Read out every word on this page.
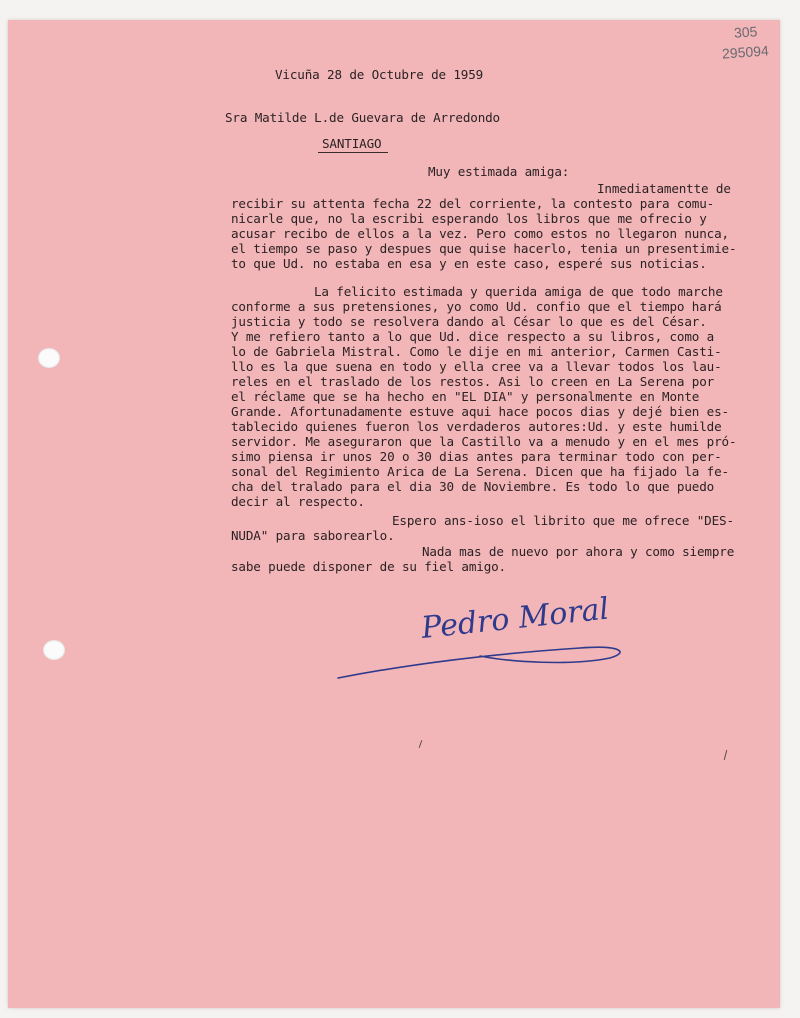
305
295094
Vicuña 28 de Octubre de 1959
Sra Matilde L.de Guevara de Arredondo
SANTIAGO
Muy estimada amiga:
Inmediatamentte de
recibir su attenta fecha 22 del corriente, la contesto para comu-
nicarle que, no la escribi esperando los libros que me ofrecio y
acusar recibo de ellos a la vez. Pero como estos no llegaron nunca,
el tiempo se paso y despues que quise hacerlo, tenia un presentimie-
to que Ud. no estaba en esa y en este caso, esperé sus noticias.
La felicito estimada y querida amiga de que todo marche
conforme a sus pretensiones, yo como Ud. confio que el tiempo hará
justicia y todo se resolvera dando al César lo que es del César.
Y me refiero tanto a lo que Ud. dice respecto a su libros, como a
lo de Gabriela Mistral. Como le dije en mi anterior, Carmen Casti-
llo es la que suena en todo y ella cree va a llevar todos los lau-
reles en el traslado de los restos. Asi lo creen en La Serena por
el réclame que se ha hecho en "EL DIA" y personalmente en Monte
Grande. Afortunadamente estuve aqui hace pocos dias y dejé bien es-
tablecido quienes fueron los verdaderos autores:Ud. y este humilde
servidor. Me aseguraron que la Castillo va a menudo y en el mes pró-
simo piensa ir unos 20 o 30 dias antes para terminar todo con per-
sonal del Regimiento Arica de La Serena. Dicen que ha fijado la fe-
cha del tralado para el dia 30 de Noviembre. Es todo lo que puedo
decir al respecto.
Espero ans-ioso el librito que me ofrece "DES-
NUDA" para saborearlo.
Nada mas de nuevo por ahora y como siempre
sabe puede disponer de su fiel amigo.
Pedro Moral
